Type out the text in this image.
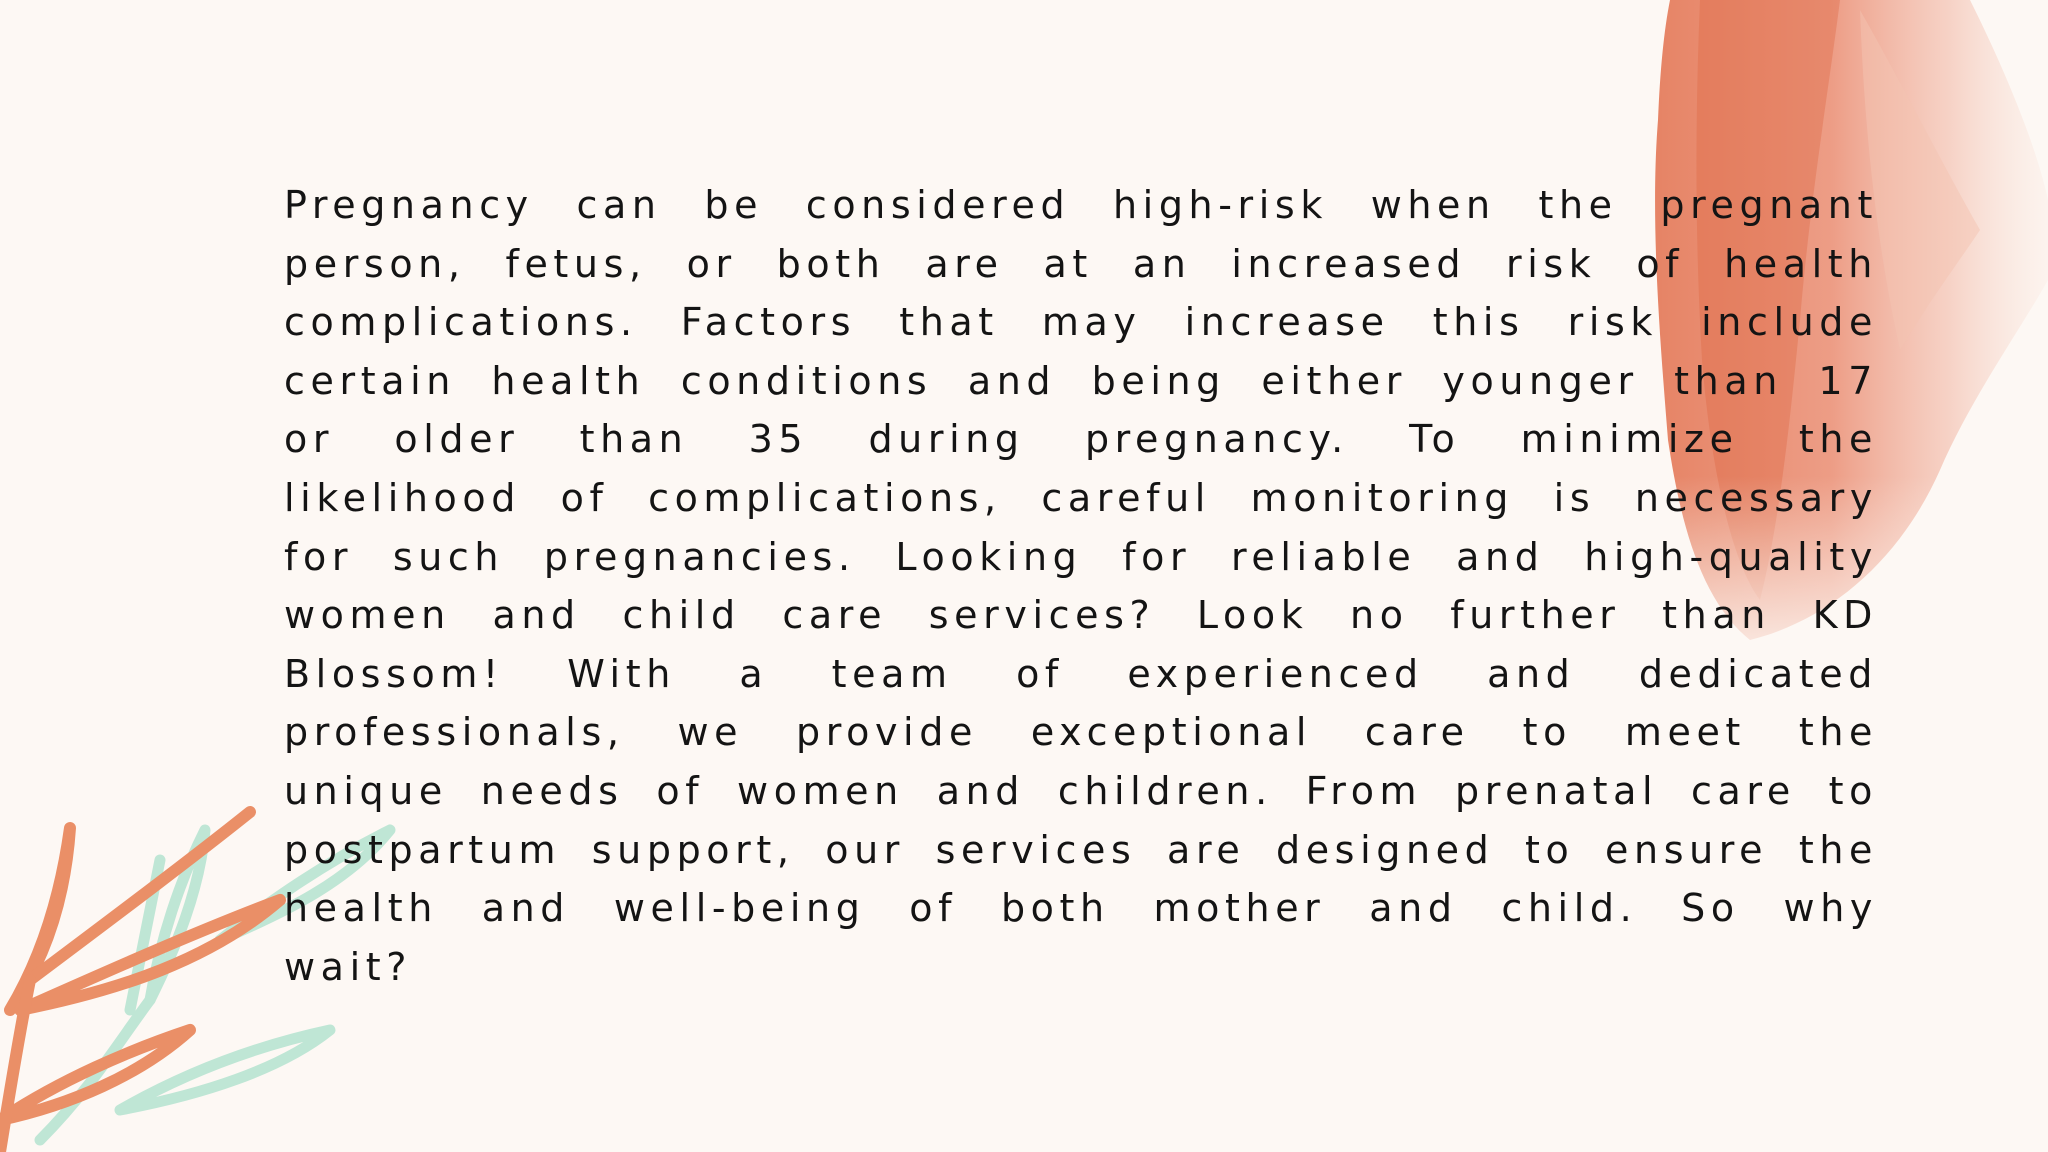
Pregnancy can be considered high-risk when the pregnant person, fetus, or both are at an increased risk of health complications. Factors that may increase this risk include certain health conditions and being either younger than 17 or older than 35 during pregnancy. To minimize the likelihood of complications, careful monitoring is necessary for such pregnancies. Looking for reliable and high-quality women and child care services? Look no further than KD Blossom! With a team of experienced and dedicated professionals, we provide exceptional care to meet the unique needs of women and children. From prenatal care to postpartum support, our services are designed to ensure the health and well-being of both mother and child. So why wait?
